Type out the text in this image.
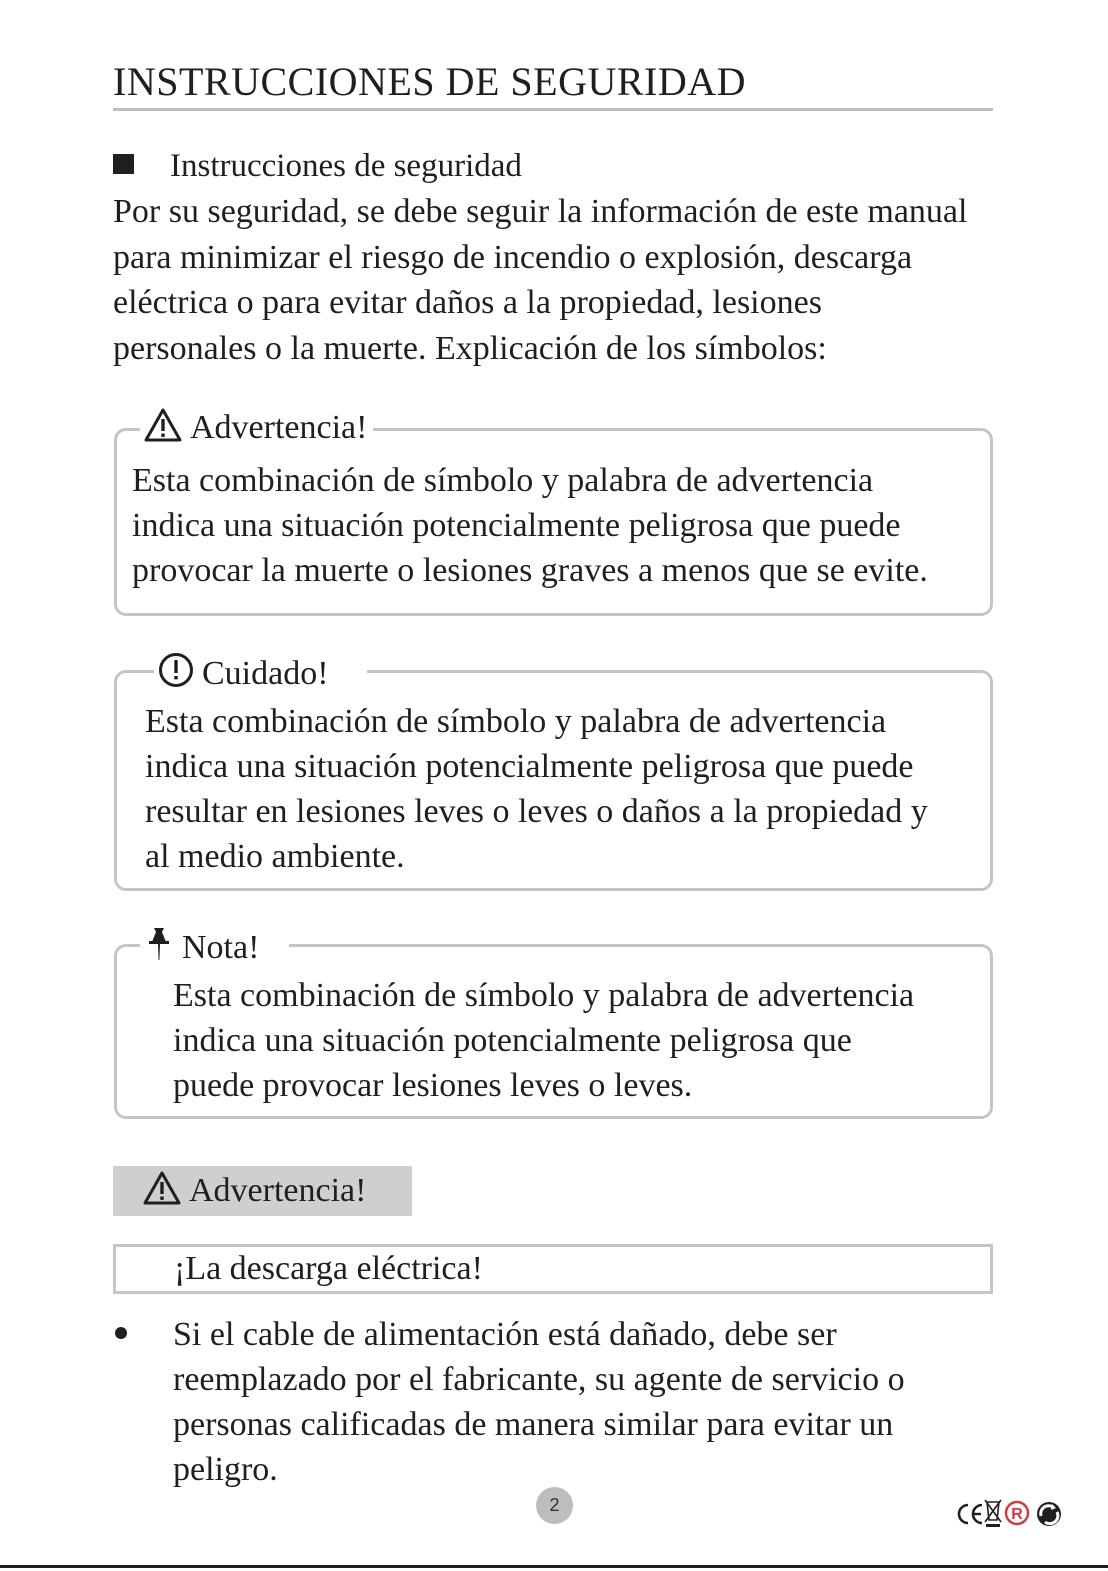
INSTRUCCIONES DE SEGURIDAD
Instrucciones de seguridad
Por su seguridad, se debe seguir la información de este manual
para minimizar el riesgo de incendio o explosión, descarga
eléctrica o para evitar daños a la propiedad, lesiones
personales o la muerte. Explicación de los símbolos:
Advertencia!
Esta combinación de símbolo y palabra de advertencia
indica una situación potencialmente peligrosa que puede
provocar la muerte o lesiones graves a menos que se evite.
Cuidado!
Esta combinación de símbolo y palabra de advertencia
indica una situación potencialmente peligrosa que puede
resultar en lesiones leves o leves o daños a la propiedad y
al medio ambiente.
Nota!
Esta combinación de símbolo y palabra de advertencia
indica una situación potencialmente peligrosa que
puede provocar lesiones leves o leves.
Advertencia!
¡La descarga eléctrica!
Si el cable de alimentación está dañado, debe ser
reemplazado por el fabricante, su agente de servicio o
personas calificadas de manera similar para evitar un
peligro.
2	R
